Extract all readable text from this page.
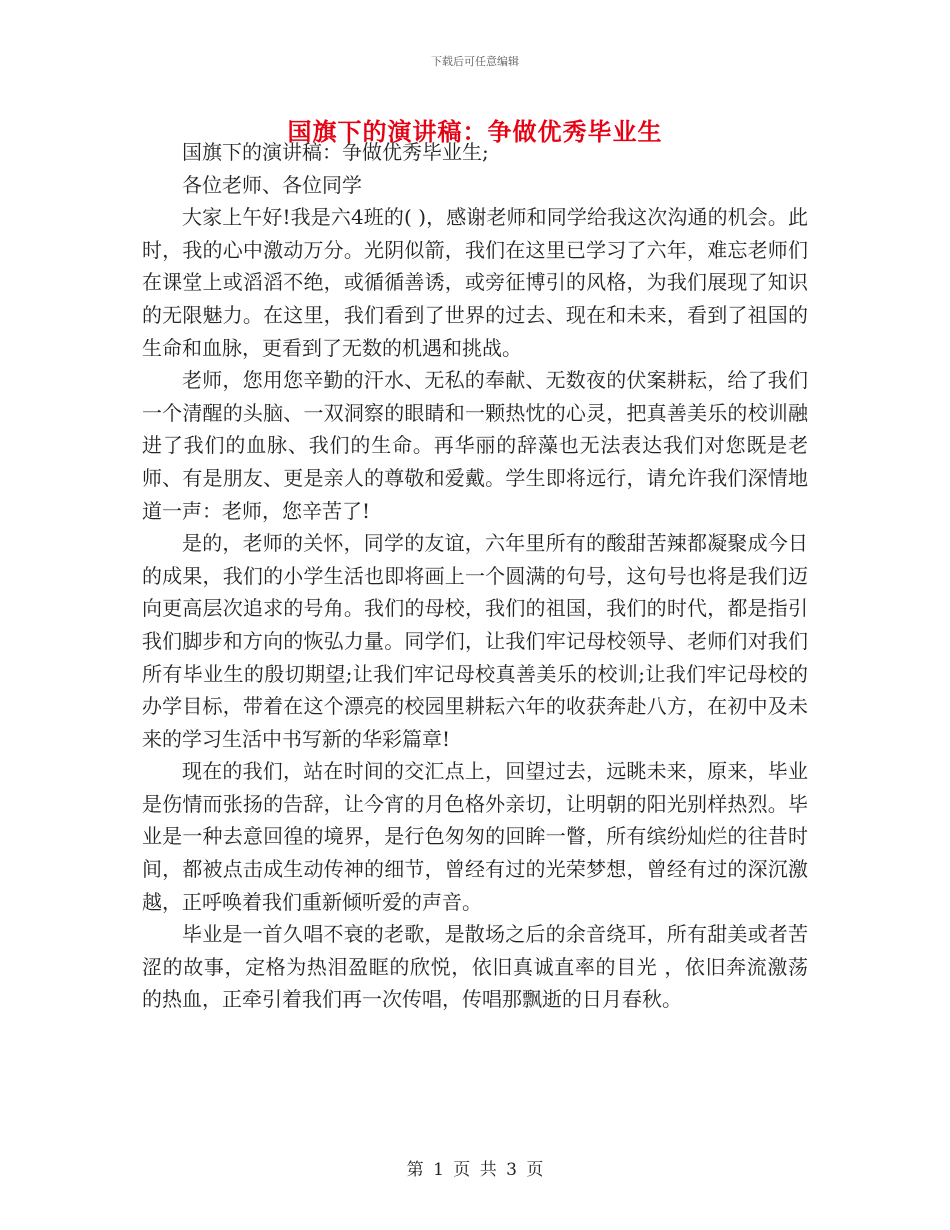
下载后可任意编辑
国旗下的演讲稿：争做优秀毕业生

国旗下的演讲稿：争做优秀毕业生;

各位老师、各位同学

大家上午好!我是六4班的( )，感谢老师和同学给我这次沟通的机会。此时，我的心中激动万分。光阴似箭，我们在这里已学习了六年，难忘老师们在课堂上或滔滔不绝，或循循善诱，或旁征博引的风格，为我们展现了知识的无限魅力。在这里，我们看到了世界的过去、现在和未来，看到了祖国的生命和血脉，更看到了无数的机遇和挑战。

老师，您用您辛勤的汗水、无私的奉献、无数夜的伏案耕耘，给了我们一个清醒的头脑、一双洞察的眼睛和一颗热忱的心灵，把真善美乐的校训融进了我们的血脉、我们的生命。再华丽的辞藻也无法表达我们对您既是老师、有是朋友、更是亲人的尊敬和爱戴。学生即将远行，请允许我们深情地道一声：老师，您辛苦了!

是的，老师的关怀，同学的友谊，六年里所有的酸甜苦辣都凝聚成今日的成果，我们的小学生活也即将画上一个圆满的句号，这句号也将是我们迈向更高层次追求的号角。我们的母校，我们的祖国，我们的时代，都是指引我们脚步和方向的恢弘力量。同学们，让我们牢记母校领导、老师们对我们所有毕业生的殷切期望;让我们牢记母校真善美乐的校训;让我们牢记母校的办学目标，带着在这个漂亮的校园里耕耘六年的收获奔赴八方，在初中及未来的学习生活中书写新的华彩篇章!

现在的我们，站在时间的交汇点上，回望过去，远眺未来，原来，毕业是伤情而张扬的告辞，让今宵的月色格外亲切，让明朝的阳光别样热烈。毕业是一种去意回徨的境界，是行色匆匆的回眸一瞥，所有缤纷灿烂的往昔时间，都被点击成生动传神的细节，曾经有过的光荣梦想，曾经有过的深沉激越，正呼唤着我们重新倾听爱的声音。

毕业是一首久唱不衰的老歌，是散场之后的余音绕耳，所有甜美或者苦涩的故事，定格为热泪盈眶的欣悦，依旧真诚直率的目光 ，依旧奔流激荡的热血，正牵引着我们再一次传唱，传唱那飘逝的日月春秋。

第 1 页 共 3 页
